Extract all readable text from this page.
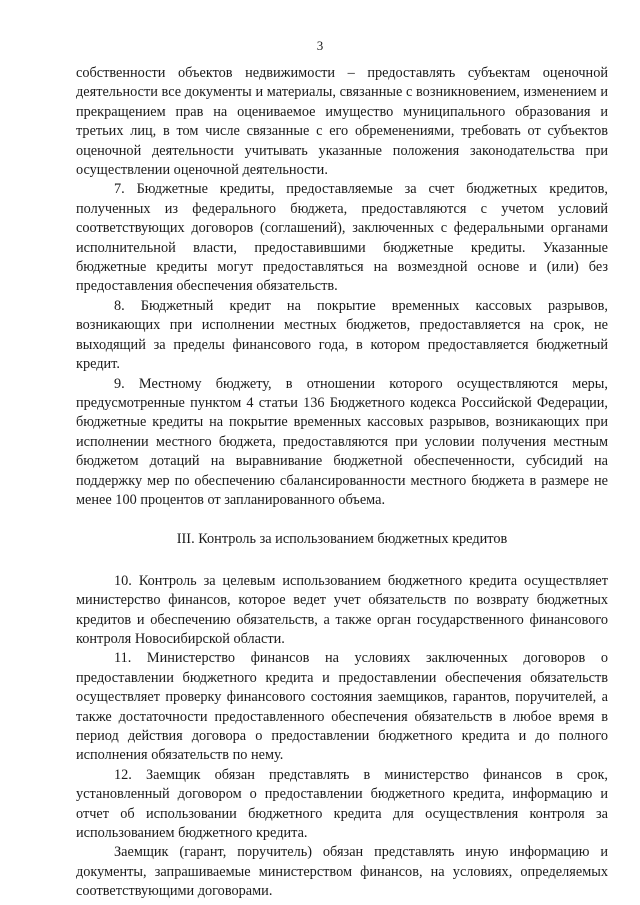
3

собственности объектов недвижимости – предоставлять субъектам оценочной деятельности все документы и материалы, связанные с возникновением, изменением и прекращением прав на оцениваемое имущество муниципального образования и третьих лиц, в том числе связанные с его обременениями, требовать от субъектов оценочной деятельности учитывать указанные положения законодательства при осуществлении оценочной деятельности.

7. Бюджетные кредиты, предоставляемые за счет бюджетных кредитов, полученных из федерального бюджета, предоставляются с учетом условий соответствующих договоров (соглашений), заключенных с федеральными органами исполнительной власти, предоставившими бюджетные кредиты. Указанные бюджетные кредиты могут предоставляться на возмездной основе и (или) без предоставления обеспечения обязательств.

8. Бюджетный кредит на покрытие временных кассовых разрывов, возникающих при исполнении местных бюджетов, предоставляется на срок, не выходящий за пределы финансового года, в котором предоставляется бюджетный кредит.

9. Местному бюджету, в отношении которого осуществляются меры, предусмотренные пунктом 4 статьи 136 Бюджетного кодекса Российской Федерации, бюджетные кредиты на покрытие временных кассовых разрывов, возникающих при исполнении местного бюджета, предоставляются при условии получения местным бюджетом дотаций на выравнивание бюджетной обеспеченности, субсидий на поддержку мер по обеспечению сбалансированности местного бюджета в размере не менее 100 процентов от запланированного объема.

III. Контроль за использованием бюджетных кредитов

10. Контроль за целевым использованием бюджетного кредита осуществляет министерство финансов, которое ведет учет обязательств по возврату бюджетных кредитов и обеспечению обязательств, а также орган государственного финансового контроля Новосибирской области.

11. Министерство финансов на условиях заключенных договоров о предоставлении бюджетного кредита и предоставлении обеспечения обязательств осуществляет проверку финансового состояния заемщиков, гарантов, поручителей, а также достаточности предоставленного обеспечения обязательств в любое время в период действия договора о предоставлении бюджетного кредита и до полного исполнения обязательств по нему.

12. Заемщик обязан представлять в министерство финансов в срок, установленный договором о предоставлении бюджетного кредита, информацию и отчет об использовании бюджетного кредита для осуществления контроля за использованием бюджетного кредита.

Заемщик (гарант, поручитель) обязан представлять иную информацию и документы, запрашиваемые министерством финансов, на условиях, определяемых соответствующими договорами.
